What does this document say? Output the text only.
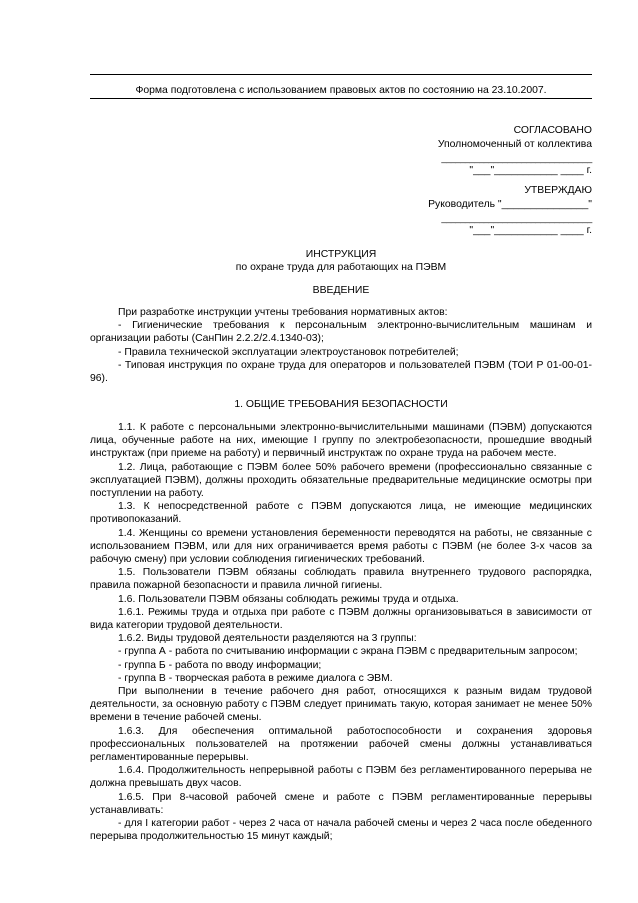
Форма подготовлена с использованием правовых актов по состоянию на 23.10.2007.
СОГЛАСОВАНО
Уполномоченный от коллектива
________________________________
"___"___________ ____ г.
УТВЕРЖДАЮ
Руководитель "_______________"
________________________________
"___"___________ ____ г.
ИНСТРУКЦИЯ
по охране труда для работающих на ПЭВМ
ВВЕДЕНИЕ

При разработке инструкции учтены требования нормативных актов:

- Гигиенические требования к персональным электронно-вычислительным машинам и организации работы (СанПин 2.2.2/2.4.1340-03);

- Правила технической эксплуатации электроустановок потребителей;

- Типовая инструкция по охране труда для операторов и пользователей ПЭВМ (ТОИ Р 01-00-01-96).

1. ОБЩИЕ ТРЕБОВАНИЯ БЕЗОПАСНОСТИ

1.1. К работе с персональными электронно-вычислительными машинами (ПЭВМ) допускаются лица, обученные работе на них, имеющие I группу по электробезопасности, прошедшие вводный инструктаж (при приеме на работу) и первичный инструктаж по охране труда на рабочем месте.

1.2. Лица, работающие с ПЭВМ более 50% рабочего времени (профессионально связанные с эксплуатацией ПЭВМ), должны проходить обязательные предварительные медицинские осмотры при поступлении на работу.

1.3. К непосредственной работе с ПЭВМ допускаются лица, не имеющие медицинских противопоказаний.

1.4. Женщины со времени установления беременности переводятся на работы, не связанные с использованием ПЭВМ, или для них ограничивается время работы с ПЭВМ (не более 3-х часов за рабочую смену) при условии соблюдения гигиенических требований.

1.5. Пользователи ПЭВМ обязаны соблюдать правила внутреннего трудового распорядка, правила пожарной безопасности и правила личной гигиены.

1.6. Пользователи ПЭВМ обязаны соблюдать режимы труда и отдыха.

1.6.1. Режимы труда и отдыха при работе с ПЭВМ должны организовываться в зависимости от вида категории трудовой деятельности.

1.6.2. Виды трудовой деятельности разделяются на 3 группы:

- группа А - работа по считыванию информации с экрана ПЭВМ с предварительным запросом;

- группа Б - работа по вводу информации;

- группа В - творческая работа в режиме диалога с ЭВМ.

При выполнении в течение рабочего дня работ, относящихся к разным видам трудовой деятельности, за основную работу с ПЭВМ следует принимать такую, которая занимает не менее 50% времени в течение рабочей смены.

1.6.3. Для обеспечения оптимальной работоспособности и сохранения здоровья профессиональных пользователей на протяжении рабочей смены должны устанавливаться регламентированные перерывы.

1.6.4. Продолжительность непрерывной работы с ПЭВМ без регламентированного перерыва не должна превышать двух часов.

1.6.5. При 8-часовой рабочей смене и работе с ПЭВМ регламентированные перерывы устанавливать:

- для I категории работ - через 2 часа от начала рабочей смены и через 2 часа после обеденного перерыва продолжительностью 15 минут каждый;
